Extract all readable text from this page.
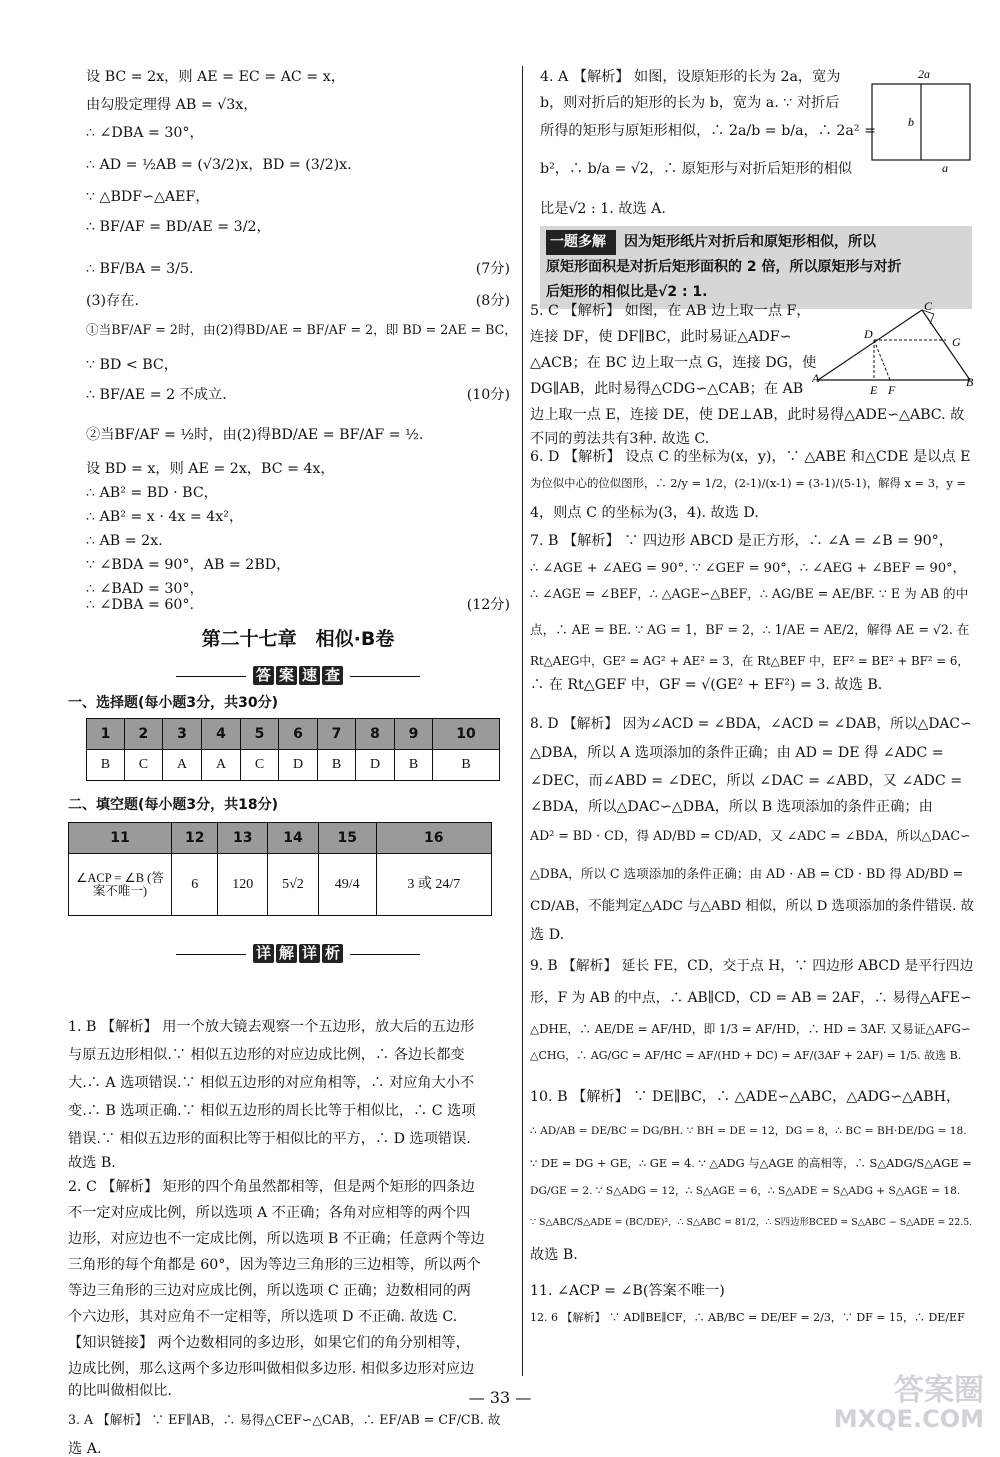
设 BC = 2x，则 AE = EC = AC = x，
由勾股定理得 AB = √3x，
∴ ∠DBA = 30°，
∴ AD = ½AB = (√3/2)x，BD = (3/2)x.
∵ △BDF∽△AEF，
∴ BF/AF = BD/AE = 3/2，
∴ BF/BA = 3/5.	(7分)
(3)存在.	(8分)
①当BF/AF = 2时，由(2)得BD/AE = BF/AF = 2，即 BD = 2AE = BC，
∵ BD < BC，
∴ BF/AE = 2 不成立.	(10分)
②当BF/AF = ½时，由(2)得BD/AE = BF/AF = ½.
设 BD = x，则 AE = 2x，BC = 4x，
∴ AB² = BD · BC，
∴ AB² = x · 4x = 4x²，
∴ AB = 2x.
∵ ∠BDA = 90°，AB = 2BD，
∴ ∠BAD = 30°，
∴ ∠DBA = 60°.	(12分)
第二十七章　相似·B卷
答 案 速 查
一、选择题(每小题3分，共30分)
1	2	3	4	5	6	7	8	9	10
B	C	A	A	C	D	B	D	B	B
二、填空题(每小题3分，共18分)
11	12	13	14	15	16
∠ACP = ∠B (答案不唯一)	6	120	5√2	49/4	3 或 24/7
详 解 详 析
1. B 【解析】 用一个放大镜去观察一个五边形，放大后的五边形
与原五边形相似.∵ 相似五边形的对应边成比例，∴ 各边长都变
大.∴ A 选项错误.∵ 相似五边形的对应角相等，∴ 对应角大小不
变.∴ B 选项正确.∵ 相似五边形的周长比等于相似比，∴ C 选项
错误.∵ 相似五边形的面积比等于相似比的平方，∴ D 选项错误.
故选 B.
2. C 【解析】 矩形的四个角虽然都相等，但是两个矩形的四条边
不一定对应成比例，所以选项 A 不正确；各角对应相等的两个四
边形，对应边也不一定成比例，所以选项 B 不正确；任意两个等边
三角形的每个角都是 60°，因为等边三角形的三边相等，所以两个
等边三角形的三边对应成比例，所以选项 C 正确；边数相同的两
个六边形，其对应角不一定相等，所以选项 D 不正确. 故选 C.
【知识链接】 两个边数相同的多边形，如果它们的角分别相等，
边成比例，那么这两个多边形叫做相似多边形. 相似多边形对应边
的比叫做相似比.
3. A 【解析】 ∵ EF∥AB，∴ 易得△CEF∽△CAB，∴ EF/AB = CF/CB. 故
选 A.
4. A 【解析】 如图，设原矩形的长为 2a，宽为
b，则对折后的矩形的长为 b，宽为 a. ∵ 对折后
所得的矩形与原矩形相似，∴ 2a/b = b/a，∴ 2a² =
b²，∴ b/a = √2，∴ 原矩形与对折后矩形的相似
比是√2 : 1. 故选 A.
2a
b
a
一题多解 因为矩形纸片对折后和原矩形相似，所以
原矩形面积是对折后矩形面积的 2 倍，所以原矩形与对折
后矩形的相似比是√2 : 1.
C
D
G
A
E F
B
5. C 【解析】 如图，在 AB 边上取一点 F，
连接 DF，使 DF∥BC，此时易证△ADF∽
△ACB；在 BC 边上取一点 G，连接 DG，使
DG∥AB，此时易得△CDG∽△CAB；在 AB
边上取一点 E，连接 DE，使 DE⊥AB，此时易得△ADE∽△ABC. 故
不同的剪法共有3种. 故选 C.
6. D 【解析】 设点 C 的坐标为(x，y)，∵ △ABE 和△CDE 是以点 E
为位似中心的位似图形，∴ 2/y = 1/2，(2-1)/(x-1) = (3-1)/(5-1)，解得 x = 3，y =
4，则点 C 的坐标为(3，4). 故选 D.
7. B 【解析】 ∵ 四边形 ABCD 是正方形，∴ ∠A = ∠B = 90°，
∴ ∠AGE + ∠AEG = 90°. ∵ ∠GEF = 90°，∴ ∠AEG + ∠BEF = 90°，
∴ ∠AGE = ∠BEF，∴ △AGE∽△BEF，∴ AG/BE = AE/BF. ∵ E 为 AB 的中
点，∴ AE = BE. ∵ AG = 1，BF = 2，∴ 1/AE = AE/2，解得 AE = √2. 在
Rt△AEG中，GE² = AG² + AE² = 3，在 Rt△BEF 中，EF² = BE² + BF² = 6，
∴ 在 Rt△GEF 中，GF = √(GE² + EF²) = 3. 故选 B.
8. D 【解析】 因为∠ACD = ∠BDA，∠ACD = ∠DAB，所以△DAC∽
△DBA，所以 A 选项添加的条件正确；由 AD = DE 得 ∠ADC =
∠DEC，而∠ABD = ∠DEC，所以 ∠DAC = ∠ABD，又 ∠ADC =
∠BDA，所以△DAC∽△DBA，所以 B 选项添加的条件正确；由
AD² = BD · CD，得 AD/BD = CD/AD，又 ∠ADC = ∠BDA，所以△DAC∽
△DBA，所以 C 选项添加的条件正确；由 AD · AB = CD · BD 得 AD/BD =
CD/AB，不能判定△ADC 与△ABD 相似，所以 D 选项添加的条件错误. 故
选 D.
9. B 【解析】 延长 FE，CD，交于点 H，∵ 四边形 ABCD 是平行四边
形，F 为 AB 的中点，∴ AB∥CD，CD = AB = 2AF，∴ 易得△AFE∽
△DHE，∴ AE/DE = AF/HD，即 1/3 = AF/HD，∴ HD = 3AF. 又易证△AFG∽
△CHG，∴ AG/GC = AF/HC = AF/(HD + DC) = AF/(3AF + 2AF) = 1/5. 故选 B.
10. B 【解析】 ∵ DE∥BC，∴ △ADE∽△ABC，△ADG∽△ABH，
∴ AD/AB = DE/BC = DG/BH. ∵ BH = DE = 12，DG = 8，∴ BC = BH·DE/DG = 18.
∵ DE = DG + GE，∴ GE = 4. ∵ △ADG 与△AGE 的高相等，∴ S△ADG/S△AGE =
DG/GE = 2. ∵ S△ADG = 12，∴ S△AGE = 6，∴ S△ADE = S△ADG + S△AGE = 18.
∵ S△ABC/S△ADE = (BC/DE)²，∴ S△ABC = 81/2，∴ S四边形BCED = S△ABC − S△ADE = 22.5.
故选 B.
11. ∠ACP = ∠B(答案不唯一)
12. 6 【解析】 ∵ AD∥BE∥CF，∴ AB/BC = DE/EF = 2/3，∵ DF = 15，∴ DE/EF
— 33 —	答案圈
MXQE.COM
